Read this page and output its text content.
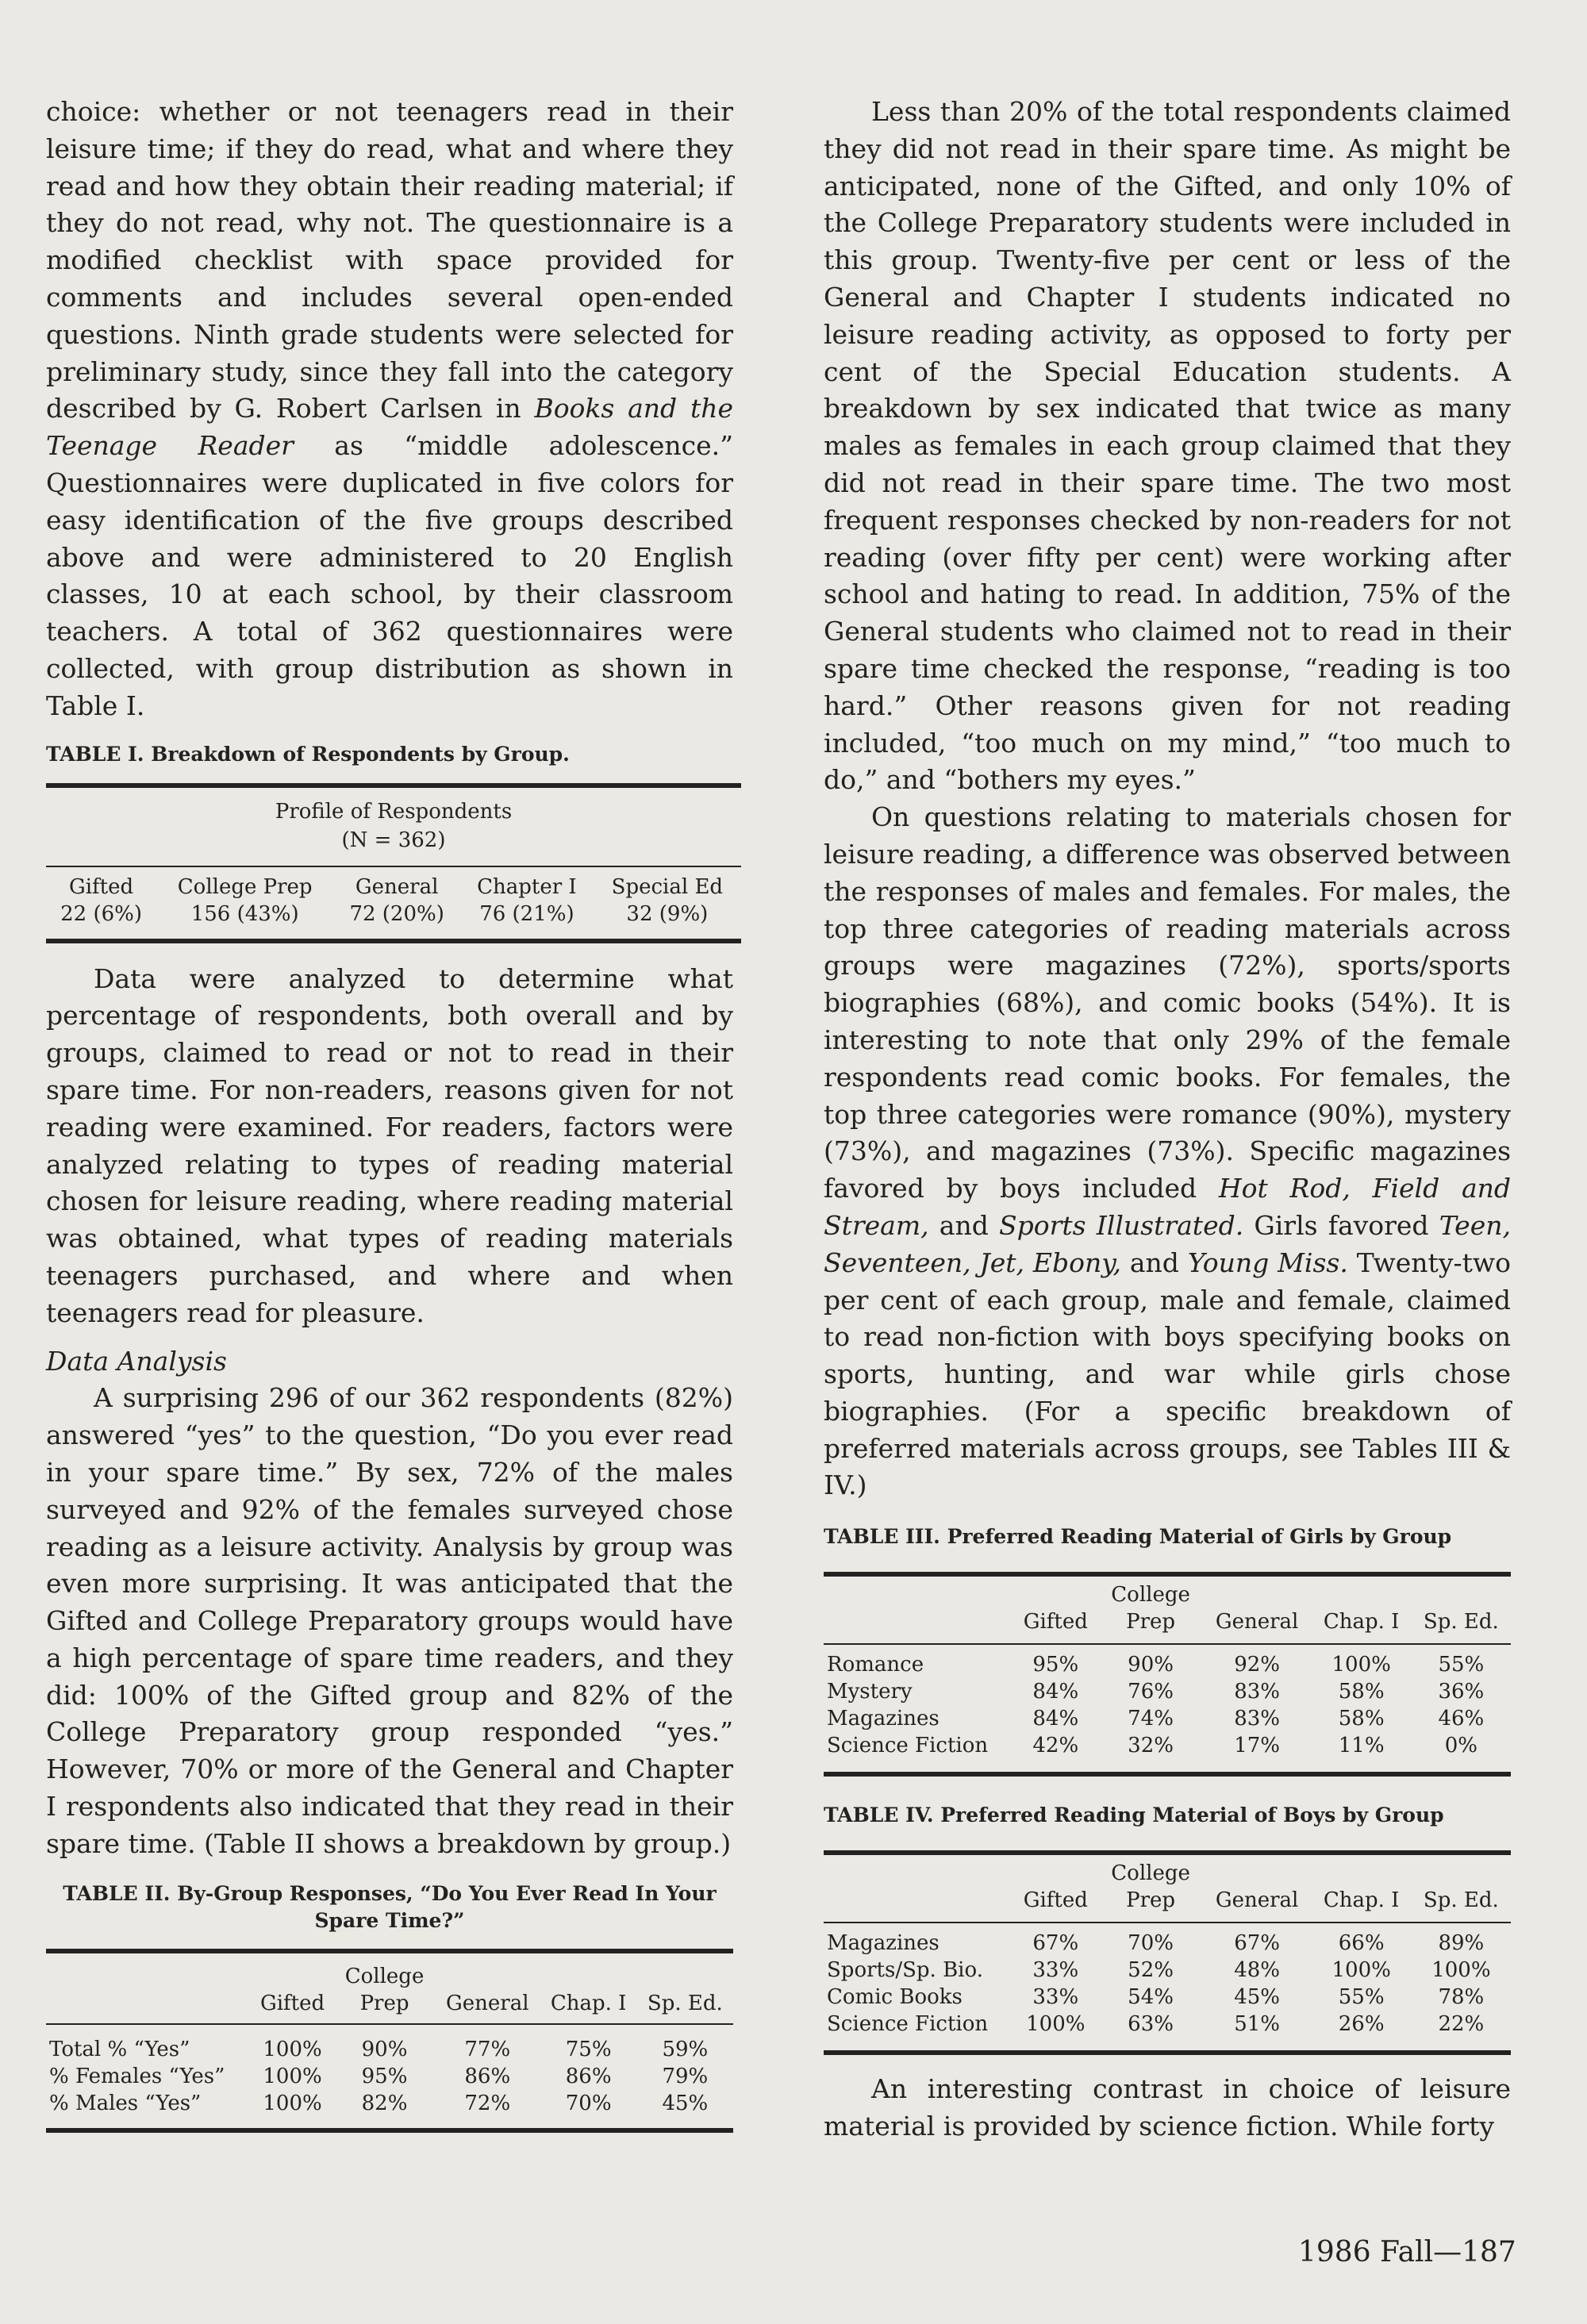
choice: whether or not teenagers read in their leisure time; if they do read, what and where they read and how they obtain their reading material; if they do not read, why not. The questionnaire is a modified checklist with space provided for comments and includes several open-ended questions. Ninth grade students were selected for preliminary study, since they fall into the category described by G. Robert Carlsen in Books and the Teenage Reader as “middle adolescence.” Questionnaires were duplicated in five colors for easy identification of the five groups described above and were administered to 20 English classes, 10 at each school, by their classroom teachers. A total of 362 questionnaires were collected, with group distribution as shown in Table I.

TABLE I. Breakdown of Respondents by Group.

Profile of Respondents
(N = 362)
Gifted	College Prep	General	Chapter I	Special Ed
22 (6%)	156 (43%)	72 (20%)	76 (21%)	32 (9%)

Data were analyzed to determine what percentage of respondents, both overall and by groups, claimed to read or not to read in their spare time. For non-readers, reasons given for not reading were examined. For readers, factors were analyzed relating to types of reading material chosen for leisure reading, where reading material was obtained, what types of reading materials teenagers purchased, and where and when teenagers read for pleasure.

Data Analysis

A surprising 296 of our 362 respondents (82%) answered “yes” to the question, “Do you ever read in your spare time.” By sex, 72% of the males surveyed and 92% of the females surveyed chose reading as a leisure activity. Analysis by group was even more surprising. It was anticipated that the Gifted and College Preparatory groups would have a high percentage of spare time readers, and they did: 100% of the Gifted group and 82% of the College Preparatory group responded “yes.” However, 70% or more of the General and Chapter I respondents also indicated that they read in their spare time. (Table II shows a breakdown by group.)

TABLE II. By-Group Responses, “Do You Ever Read In Your
Spare Time?”

		College			
	Gifted	Prep	General	Chap. I	Sp. Ed.

Total % “Yes”	100%	90%	77%	75%	59%
% Females “Yes”	100%	95%	86%	86%	79%
% Males “Yes”	100%	82%	72%	70%	45%

Less than 20% of the total respondents claimed they did not read in their spare time. As might be anticipated, none of the Gifted, and only 10% of the College Preparatory students were included in this group. Twenty-five per cent or less of the General and Chapter I students indicated no leisure reading activity, as opposed to forty per cent of the Special Education students. A breakdown by sex indicated that twice as many males as females in each group claimed that they did not read in their spare time. The two most frequent responses checked by non-readers for not reading (over fifty per cent) were working after school and hating to read. In addition, 75% of the General students who claimed not to read in their spare time checked the response, “reading is too hard.” Other reasons given for not reading included, “too much on my mind,” “too much to do,” and “bothers my eyes.”

On questions relating to materials chosen for leisure reading, a difference was observed between the responses of males and females. For males, the top three categories of reading materials across groups were magazines (72%), sports/sports biographies (68%), and comic books (54%). It is interesting to note that only 29% of the female respondents read comic books. For females, the top three categories were romance (90%), mystery (73%), and magazines (73%). Specific magazines favored by boys included Hot Rod, Field and Stream, and Sports Illustrated. Girls favored Teen, Seventeen, Jet, Ebony, and Young Miss. Twenty-two per cent of each group, male and female, claimed to read non-fiction with boys specifying books on sports, hunting, and war while girls chose biographies. (For a specific breakdown of preferred materials across groups, see Tables III & IV.)

TABLE III. Preferred Reading Material of Girls by Group

		College			
	Gifted	Prep	General	Chap. I	Sp. Ed.

Romance	95%	90%	92%	100%	55%
Mystery	84%	76%	83%	58%	36%
Magazines	84%	74%	83%	58%	46%
Science Fiction	42%	32%	17%	11%	0%

TABLE IV. Preferred Reading Material of Boys by Group

		College			
	Gifted	Prep	General	Chap. I	Sp. Ed.

Magazines	67%	70%	67%	66%	89%
Sports/Sp. Bio.	33%	52%	48%	100%	100%
Comic Books	33%	54%	45%	55%	78%
Science Fiction	100%	63%	51%	26%	22%

An interesting contrast in choice of leisure material is provided by science fiction. While forty

1986 Fall—187
